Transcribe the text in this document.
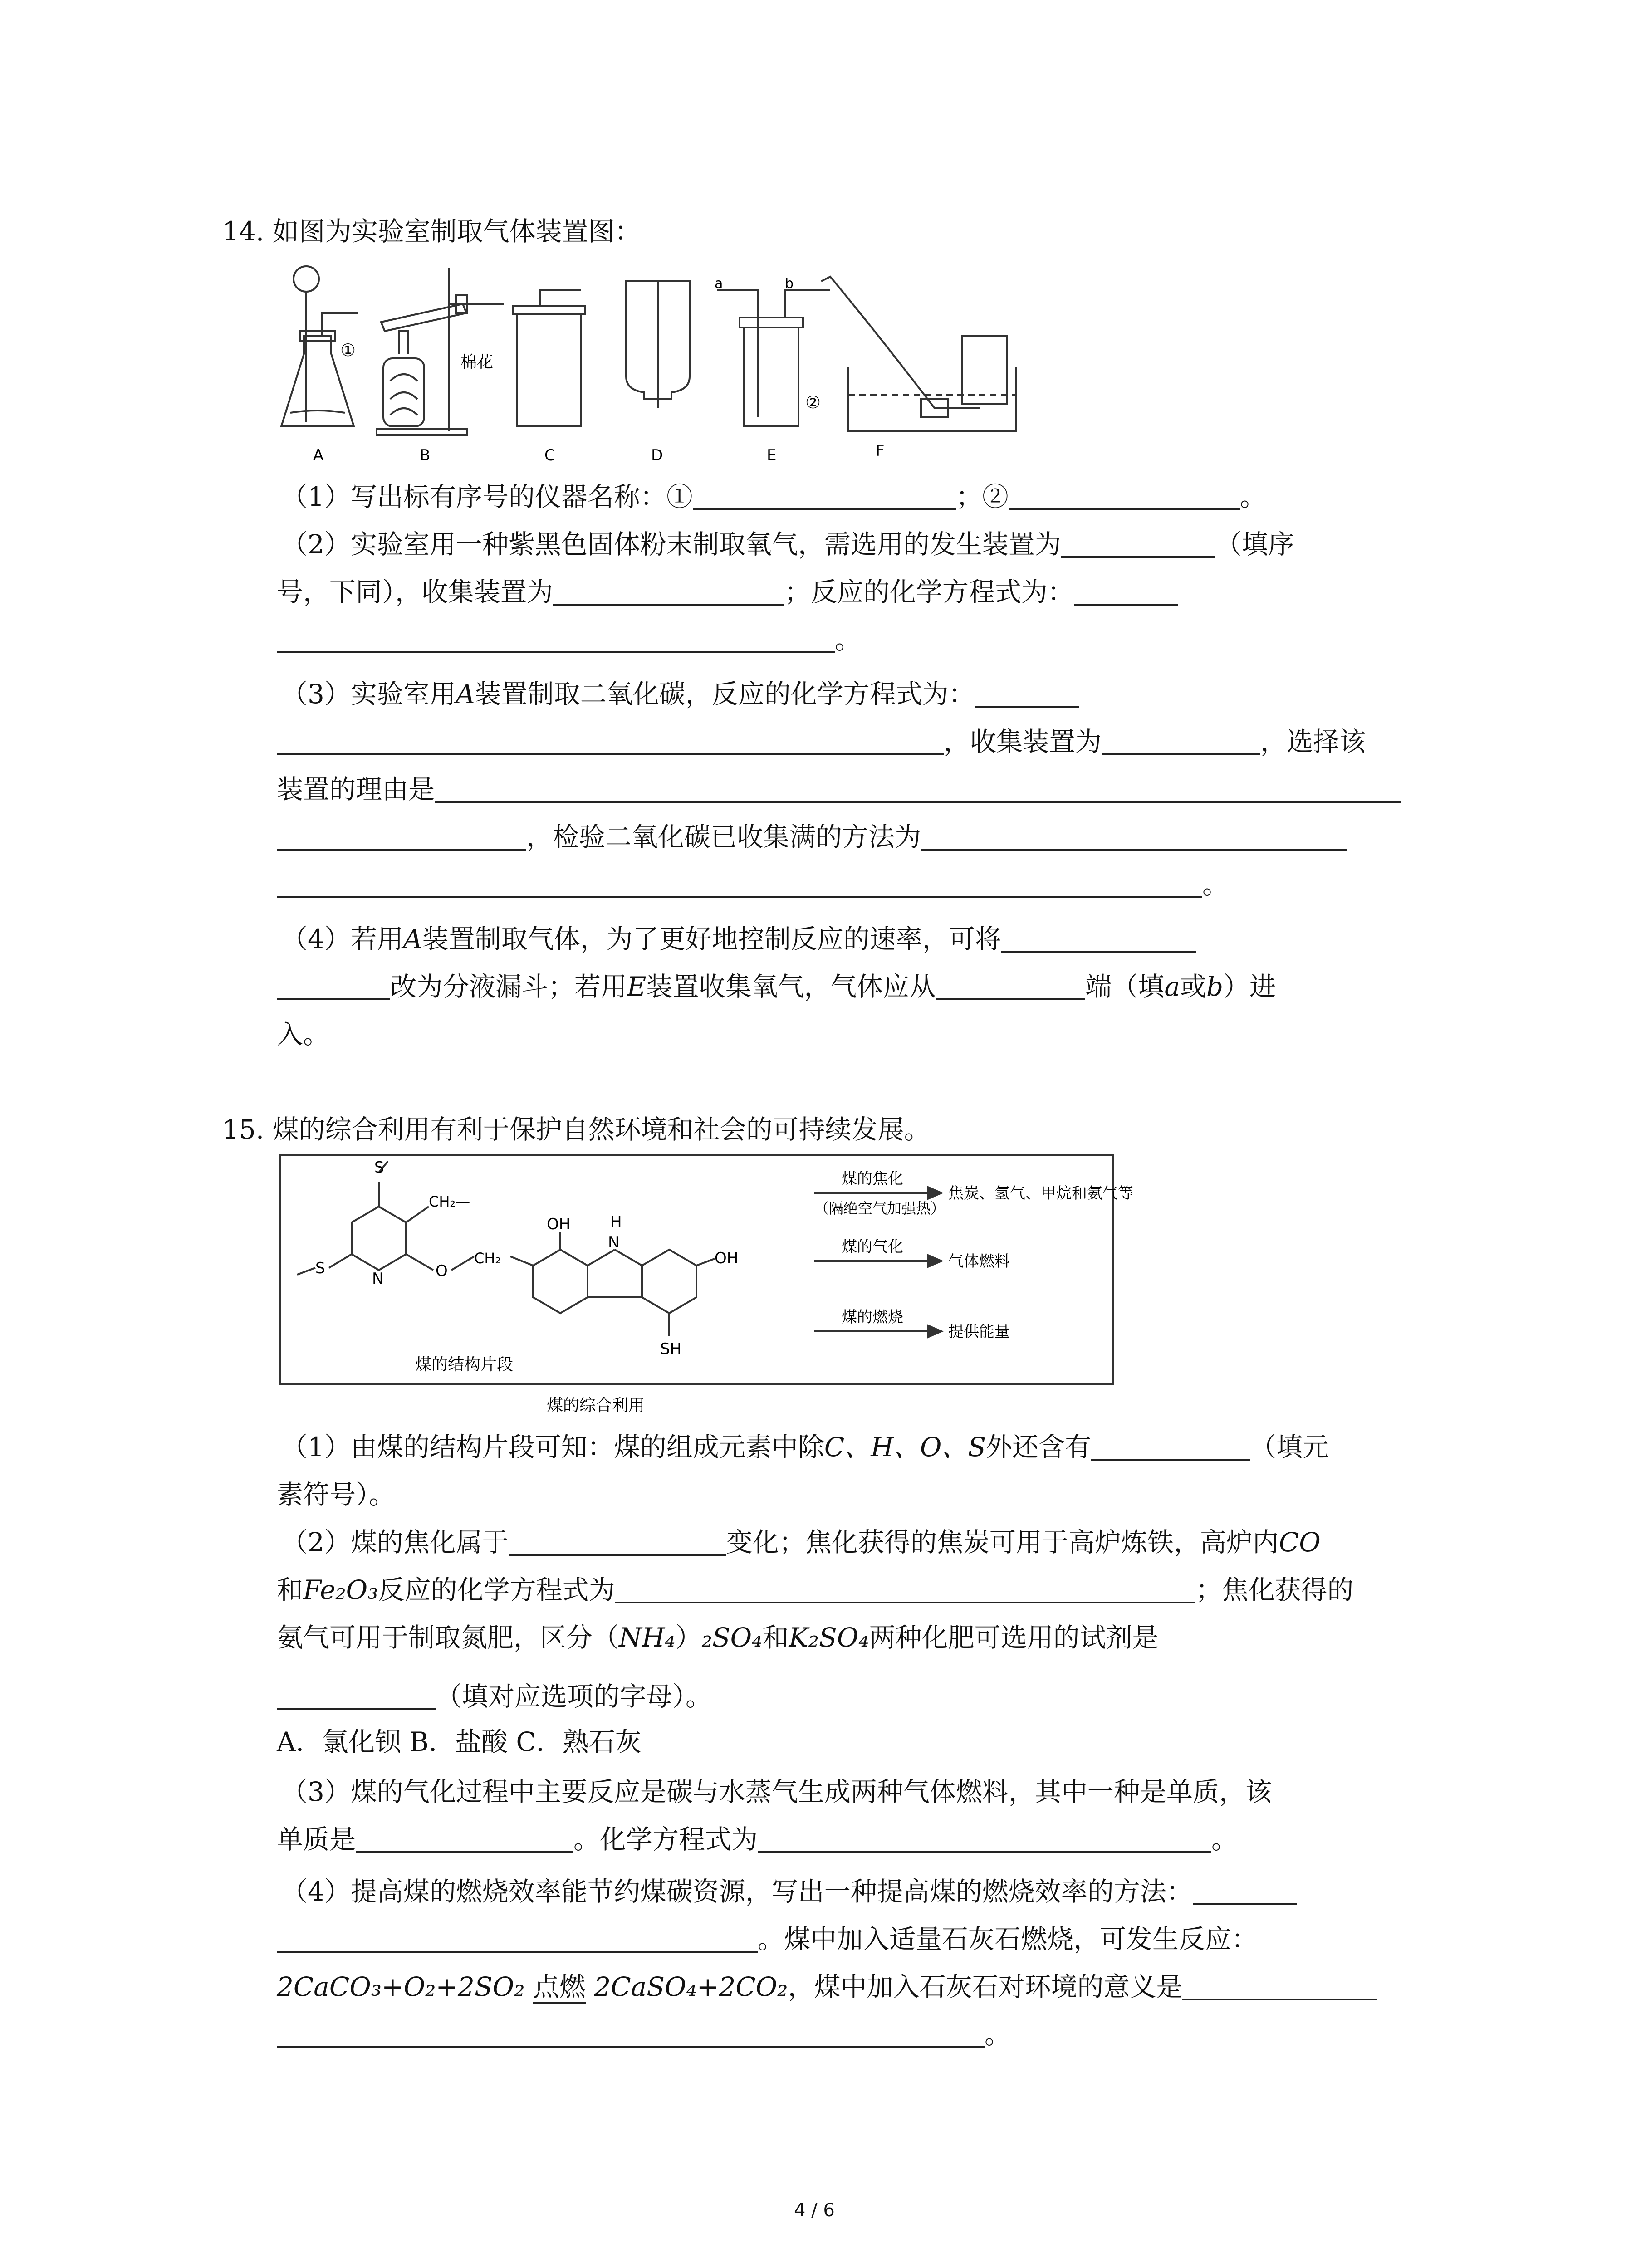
14. 如图为实验室制取气体装置图：
a	b
①
②
棉花
A	B	C	D	E	F
（1）写出标有序号的仪器名称：①	；②	。
（2）实验室用一种紫黑色固体粉末制取氧气，需选用的发生装置为	（填序
号，下同），收集装置为	；反应的化学方程式为：
。
（3）实验室用A装置制取二氧化碳，反应的化学方程式为：
，收集装置为	，选择该
装置的理由是
，检验二氧化碳已收集满的方法为
。
（4）若用A装置制取气体，为了更好地控制反应的速率，可将
改为分液漏斗；若用E装置收集氧气，气体应从	端（填a或b）进
入。
15. 煤的综合利用有利于保护自然环境和社会的可持续发展。
S
CH₂—
S
N	O
CH₂
OH	H
N
OH
SH
煤的结构片段
煤的焦化
（隔绝空气加强热）
焦炭、氢气、甲烷和氨气等
煤的气化
气体燃料
煤的燃烧
提供能量
煤的综合利用
（1）由煤的结构片段可知：煤的组成元素中除C、H、O、S外还含有	（填元
素符号）。
（2）煤的焦化属于	变化；焦化获得的焦炭可用于高炉炼铁，高炉内CO
和Fe₂O₃反应的化学方程式为	；焦化获得的
氨气可用于制取氮肥，区分（NH₄）₂SO₄和K₂SO₄两种化肥可选用的试剂是
（填对应选项的字母）。
A．氯化钡 B．盐酸 C．熟石灰
（3）煤的气化过程中主要反应是碳与水蒸气生成两种气体燃料，其中一种是单质，该
单质是	。化学方程式为	。
（4）提高煤的燃烧效率能节约煤碳资源，写出一种提高煤的燃烧效率的方法：
。煤中加入适量石灰石燃烧，可发生反应：
2CaCO₃+O₂+2SO₂ 点燃 2CaSO₄+2CO₂，煤中加入石灰石对环境的意义是
。
4 / 6
